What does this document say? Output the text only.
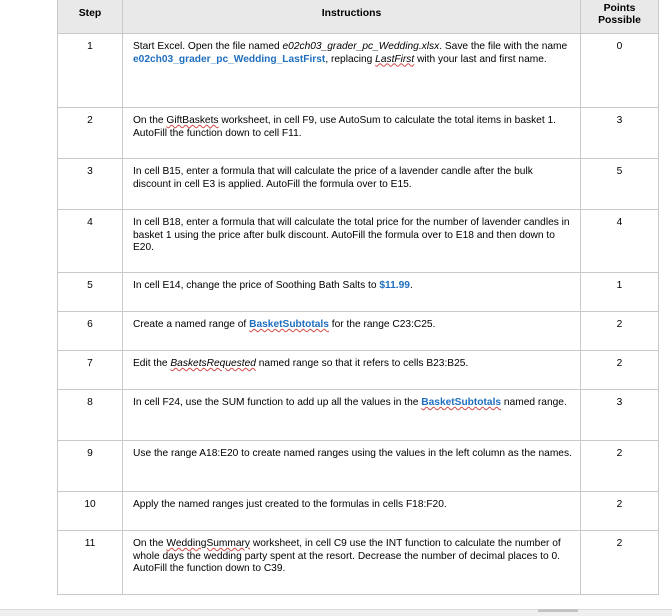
Step	Instructions	Points
Possible
1	Start Excel. Open the file named e02ch03_grader_pc_Wedding.xlsx. Save the file with the name e02ch03_grader_pc_Wedding_LastFirst, replacing LastFirst with your last and first name.	0
2	On the GiftBaskets worksheet, in cell F9, use AutoSum to calculate the total items in basket 1. AutoFill the function down to cell F11.	3
3	In cell B15, enter a formula that will calculate the price of a lavender candle after the bulk discount in cell E3 is applied. AutoFill the formula over to E15.	5
4	In cell B18, enter a formula that will calculate the total price for the number of lavender candles in basket 1 using the price after bulk discount. AutoFill the formula over to E18 and then down to E20.	4
5	In cell E14, change the price of Soothing Bath Salts to $11.99.	1
6	Create a named range of BasketSubtotals for the range C23:C25.	2
7	Edit the BasketsRequested named range so that it refers to cells B23:B25.	2
8	In cell F24, use the SUM function to add up all the values in the BasketSubtotals named range.	3
9	Use the range A18:E20 to create named ranges using the values in the left column as the names.	2
10	Apply the named ranges just created to the formulas in cells F18:F20.	2
11	On the WeddingSummary worksheet, in cell C9 use the INT function to calculate the number of whole days the wedding party spent at the resort. Decrease the number of decimal places to 0. AutoFill the function down to C39.	2
